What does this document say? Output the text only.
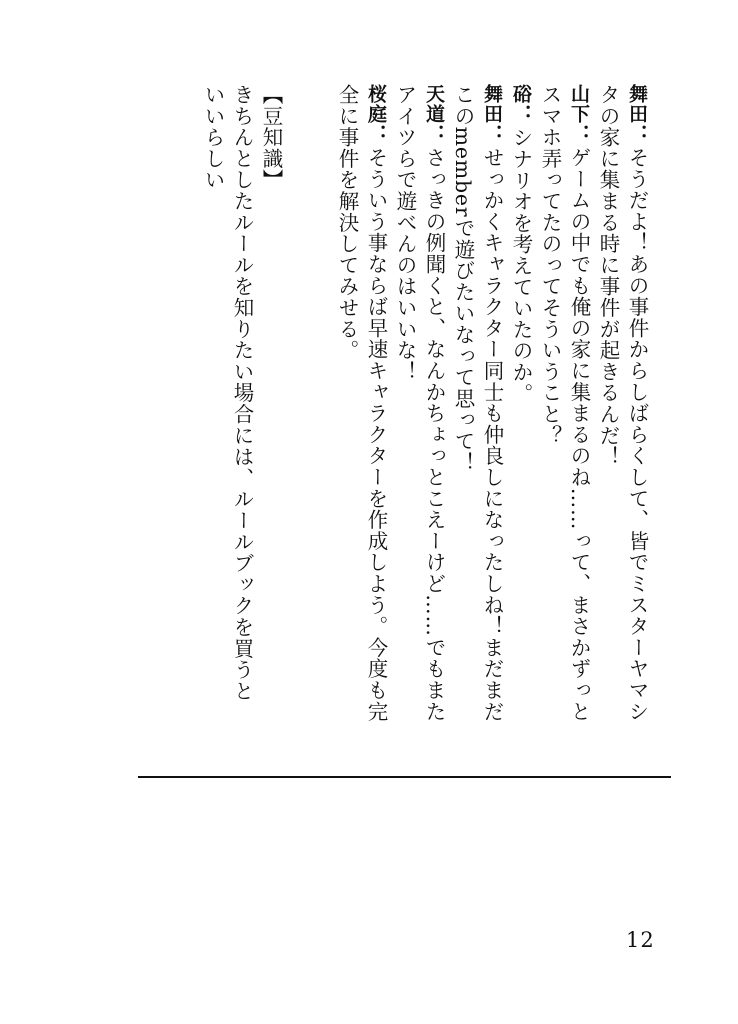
舞田：そうだよ！あの事件からしばらくして、皆でミスターヤマシ
タの家に集まる時に事件が起きるんだ！
山下：ゲームの中でも俺の家に集まるのね……って、まさかずっと
スマホ弄ってたのってそういうこと？
硲：シナリオを考えていたのか。
舞田：せっかくキャラクター同士も仲良しになったしね！まだまだ
このmemberで遊びたいなって思って！
天道：さっきの例聞くと、なんかちょっとこえーけど……でもまた
アイツらで遊べんのはいいな！
桜庭：そういう事ならば早速キャラクターを作成しよう。今度も完
全に事件を解決してみせる。
【豆知識】
きちんとしたルールを知りたい場合には、ルールブックを買うと
いいらしい
12
